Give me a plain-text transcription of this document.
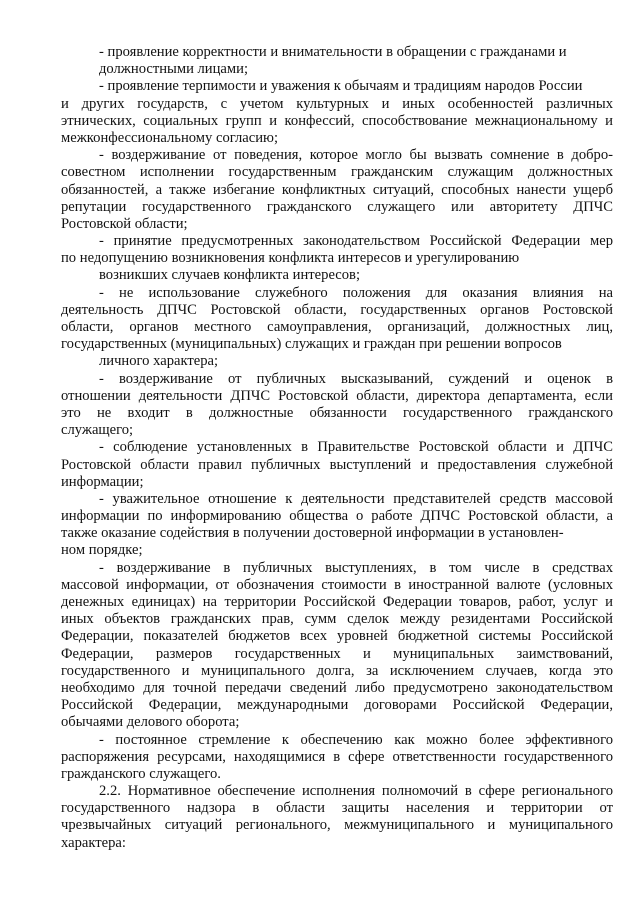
- проявление корректности и внимательности в обращении с гражданами и
должностными лицами;
- проявление терпимости и уважения к обычаям и традициям народов России
и других государств, с учетом культурных и иных особенностей различных
этнических, социальных групп и конфессий, способствование межнациональному и
межконфессиональному согласию;
- воздерживание от поведения, которое могло бы вызвать сомнение в добро-
совестном исполнении государственным гражданским служащим должностных
обязанностей, а также избегание конфликтных ситуаций, способных нанести ущерб
репутации государственного гражданского служащего или авторитету ДПЧС
Ростовской области;
- принятие предусмотренных законодательством Российской Федерации мер
по недопущению возникновения конфликта интересов и урегулированию
возникших случаев конфликта интересов;
- не использование служебного положения для оказания влияния на
деятельность ДПЧС Ростовской области, государственных органов Ростовской
области, органов местного самоуправления, организаций, должностных лиц,
государственных (муниципальных) служащих и граждан при решении вопросов
личного характера;
- воздерживание от публичных высказываний, суждений и оценок в
отношении деятельности ДПЧС Ростовской области, директора департамента, если
это не входит в должностные обязанности государственного гражданского
служащего;
- соблюдение установленных в Правительстве Ростовской области и ДПЧС
Ростовской области правил публичных выступлений и предоставления служебной
информации;
- уважительное отношение к деятельности представителей средств массовой
информации по информированию общества о работе ДПЧС Ростовской области, а
также оказание содействия в получении достоверной информации в установлен-
ном порядке;
- воздерживание в публичных выступлениях, в том числе в средствах
массовой информации, от обозначения стоимости в иностранной валюте (условных
денежных единицах) на территории Российской Федерации товаров, работ, услуг и
иных объектов гражданских прав, сумм сделок между резидентами Российской
Федерации, показателей бюджетов всех уровней бюджетной системы Российской
Федерации, размеров государственных и муниципальных заимствований,
государственного и муниципального долга, за исключением случаев, когда это
необходимо для точной передачи сведений либо предусмотрено законодательством
Российской Федерации, международными договорами Российской Федерации,
обычаями делового оборота;
- постоянное стремление к обеспечению как можно более эффективного
распоряжения ресурсами, находящимися в сфере ответственности государственного
гражданского служащего.
2.2. Нормативное обеспечение исполнения полномочий в сфере регионального
государственного надзора в области защиты населения и территории от
чрезвычайных ситуаций регионального, межмуниципального и муниципального
характера:
